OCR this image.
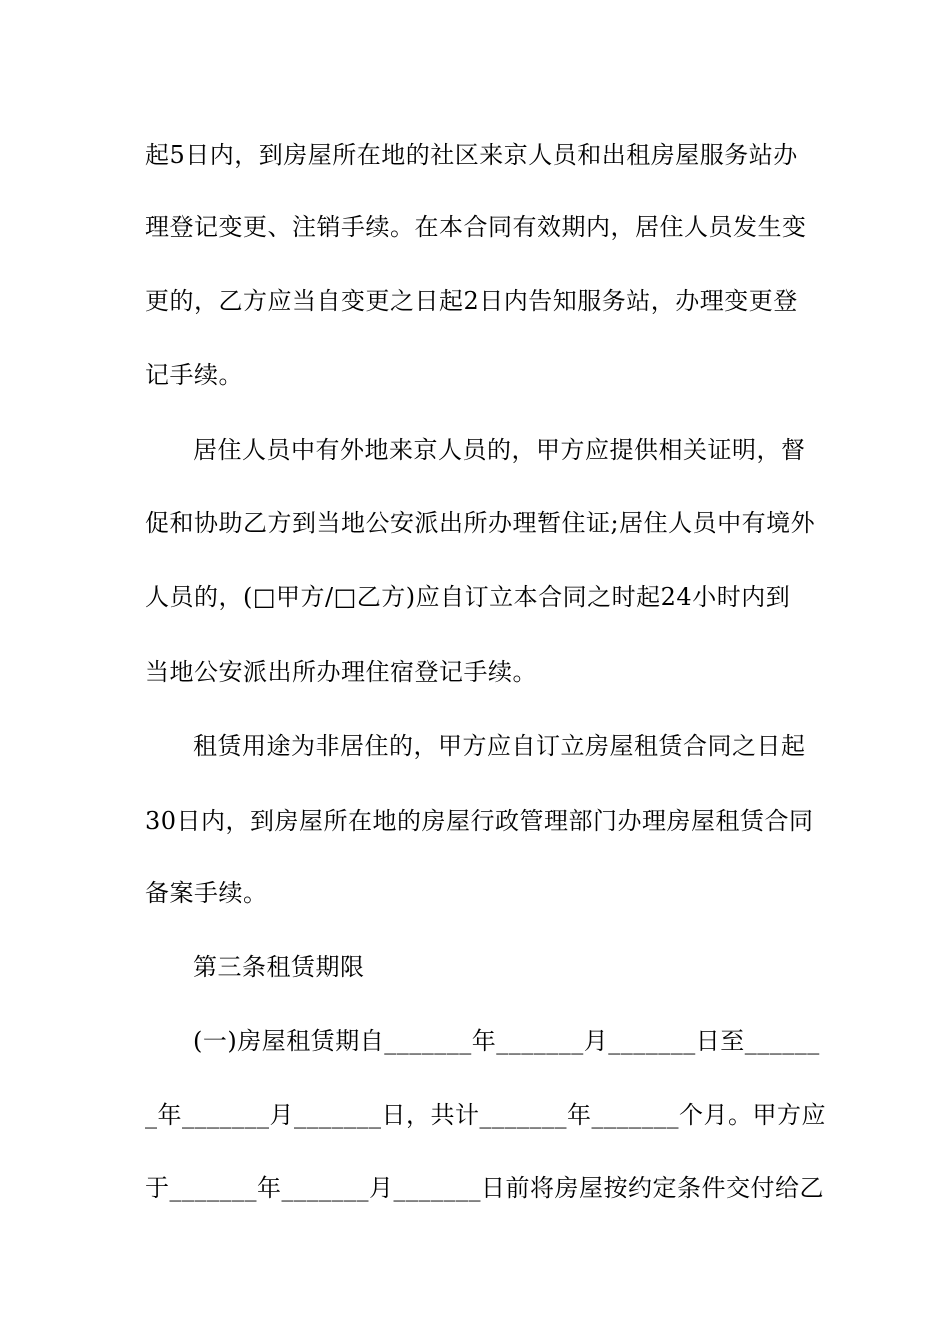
起5日内，到房屋所在地的社区来京人员和出租房屋服务站办
理登记变更、注销手续。在本合同有效期内，居住人员发生变
更的，乙方应当自变更之日起2日内告知服务站，办理变更登
记手续。
居住人员中有外地来京人员的，甲方应提供相关证明，督
促和协助乙方到当地公安派出所办理暂住证;居住人员中有境外
人员的，(□甲方/□乙方)应自订立本合同之时起24小时内到
当地公安派出所办理住宿登记手续。
租赁用途为非居住的，甲方应自订立房屋租赁合同之日起
30日内，到房屋所在地的房屋行政管理部门办理房屋租赁合同
备案手续。
第三条租赁期限
(一)房屋租赁期自_______年_______月_______日至______
_年_______月_______日，共计_______年_______个月。甲方应
于_______年_______月_______日前将房屋按约定条件交付给乙
